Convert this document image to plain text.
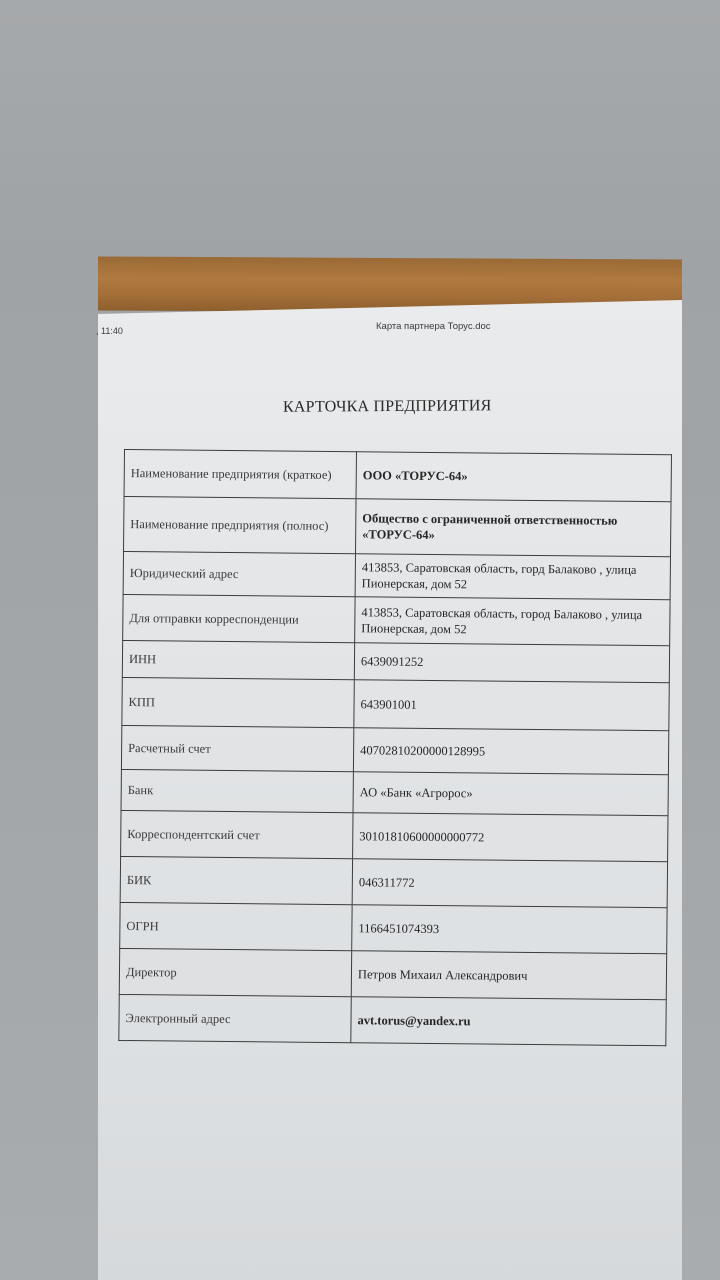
, 11:40	Карта партнера Торус.doc
КАРТОЧКА ПРЕДПРИЯТИЯ
Наименование предприятия (краткое)	ООО «ТОРУС-64»
Наименование предприятия (полнос)	Общество с ограниченной ответственностью «ТОРУС-64»
Юридический адрес	413853, Саратовская область, горд Балаково , улица Пионерская, дом 52
Для отправки корреспонденции	413853, Саратовская область, город Балаково , улица Пионерская, дом 52
ИНН	6439091252
КПП	643901001
Расчетный счет	40702810200000128995
Банк	АО «Банк «Агророс»
Корреспондентский счет	30101810600000000772
БИК	046311772
ОГРН	1166451074393
Директор	Петров Михаил Александрович
Электронный адрес	avt.torus@yandex.ru
